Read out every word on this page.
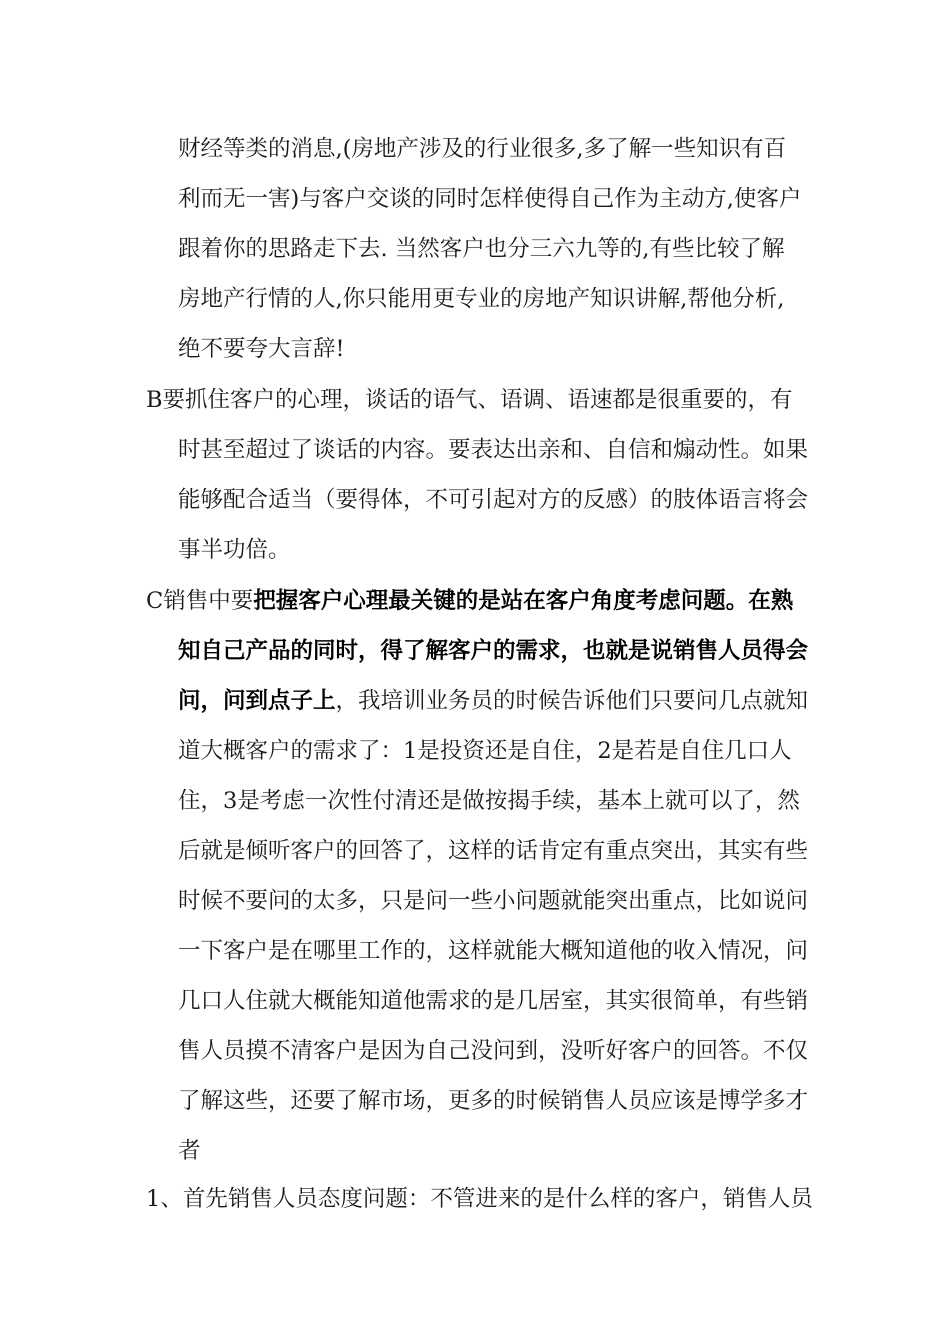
财经等类的消息,(房地产涉及的行业很多,多了解一些知识有百
利而无一害)与客户交谈的同时怎样使得自己作为主动方,使客户
跟着你的思路走下去. 当然客户也分三六九等的,有些比较了解
房地产行情的人,你只能用更专业的房地产知识讲解,帮他分析,
绝不要夸大言辞!
B要抓住客户的心理，谈话的语气、语调、语速都是很重要的，有
时甚至超过了谈话的内容。要表达出亲和、自信和煽动性。如果
能够配合适当（要得体，不可引起对方的反感）的肢体语言将会
事半功倍。
C销售中要把握客户心理最关键的是站在客户角度考虑问题。在熟
知自己产品的同时，得了解客户的需求，也就是说销售人员得会
问，问到点子上，我培训业务员的时候告诉他们只要问几点就知
道大概客户的需求了：1是投资还是自住，2是若是自住几口人
住，3是考虑一次性付清还是做按揭手续，基本上就可以了，然
后就是倾听客户的回答了，这样的话肯定有重点突出，其实有些
时候不要问的太多，只是问一些小问题就能突出重点，比如说问
一下客户是在哪里工作的，这样就能大概知道他的收入情况，问
几口人住就大概能知道他需求的是几居室，其实很简单，有些销
售人员摸不清客户是因为自己没问到，没听好客户的回答。不仅
了解这些，还要了解市场，更多的时候销售人员应该是博学多才
者
1、首先销售人员态度问题：不管进来的是什么样的客户，销售人员
